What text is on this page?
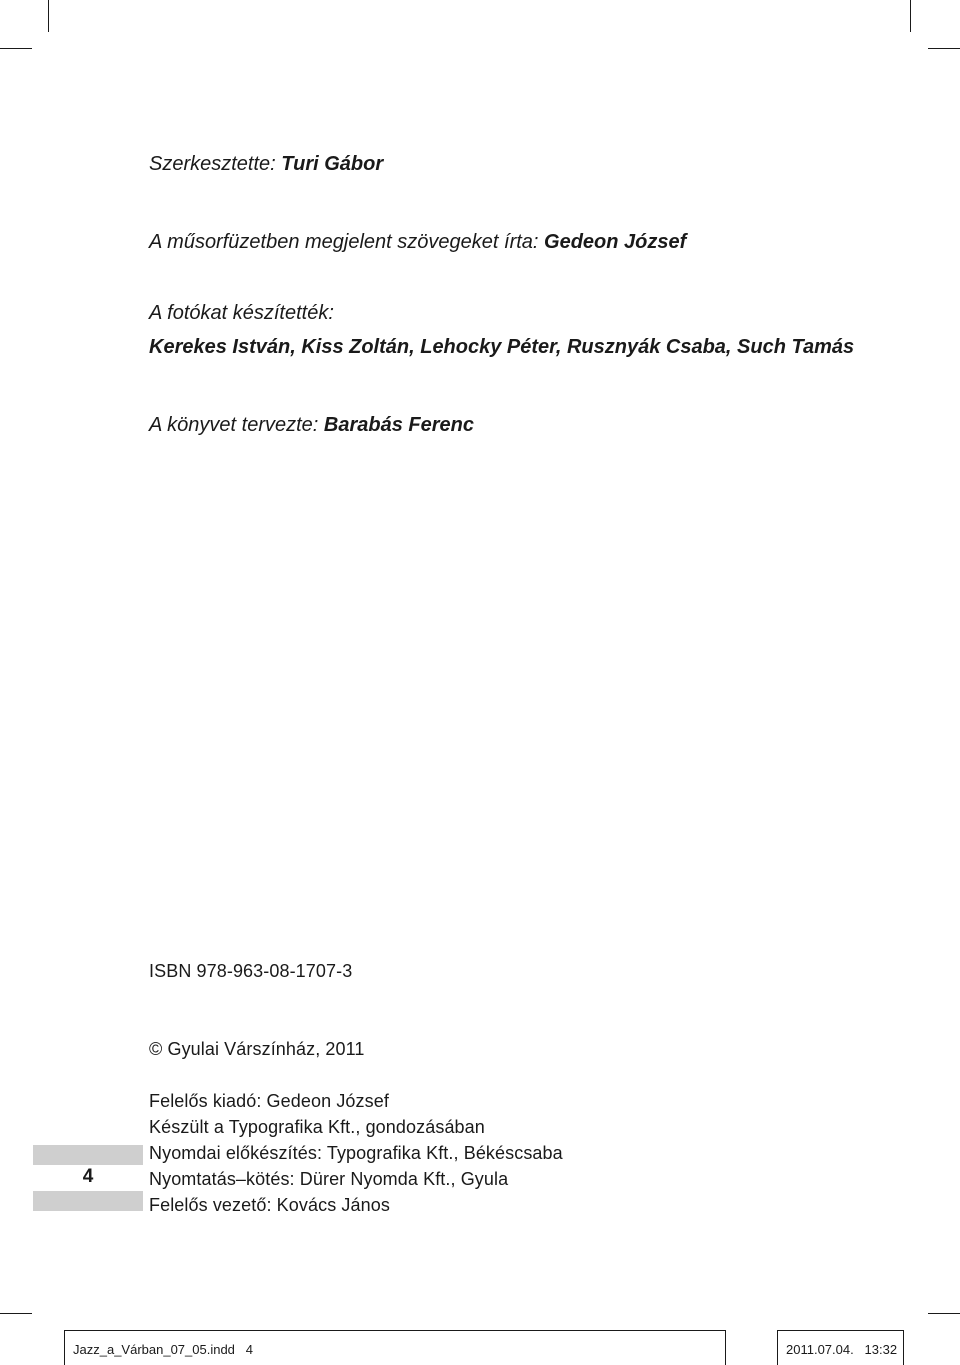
Szerkesztette: Turi Gábor
A műsorfüzetben megjelent szövegeket írta: Gedeon József
A fotókat készítették:
Kerekes István, Kiss Zoltán, Lehocky Péter, Rusznyák Csaba, Such Tamás
A könyvet tervezte: Barabás Ferenc
ISBN 978-963-08-1707-3
© Gyulai Várszínház, 2011
Felelős kiadó: Gedeon József
Készült a Typografika Kft., gondozásában
Nyomdai előkészítés: Typografika Kft., Békéscsaba
Nyomtatás–kötés: Dürer Nyomda Kft., Gyula
Felelős vezető: Kovács János
4
Jazz_a_Várban_07_05.indd   4	2011.07.04.   13:32
